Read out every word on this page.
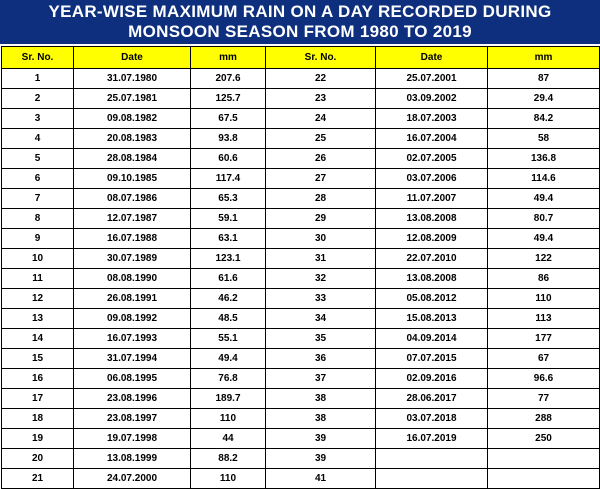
YEAR-WISE MAXIMUM RAIN ON A DAY RECORDED DURING
MONSOON SEASON FROM 1980 TO 2019
Sr. No.	Date	mm	Sr. No.	Date	mm
1	31.07.1980	207.6	22	25.07.2001	87
2	25.07.1981	125.7	23	03.09.2002	29.4
3	09.08.1982	67.5	24	18.07.2003	84.2
4	20.08.1983	93.8	25	16.07.2004	58
5	28.08.1984	60.6	26	02.07.2005	136.8
6	09.10.1985	117.4	27	03.07.2006	114.6
7	08.07.1986	65.3	28	11.07.2007	49.4
8	12.07.1987	59.1	29	13.08.2008	80.7
9	16.07.1988	63.1	30	12.08.2009	49.4
10	30.07.1989	123.1	31	22.07.2010	122
11	08.08.1990	61.6	32	13.08.2008	86
12	26.08.1991	46.2	33	05.08.2012	110
13	09.08.1992	48.5	34	15.08.2013	113
14	16.07.1993	55.1	35	04.09.2014	177
15	31.07.1994	49.4	36	07.07.2015	67
16	06.08.1995	76.8	37	02.09.2016	96.6
17	23.08.1996	189.7	38	28.06.2017	77
18	23.08.1997	110	38	03.07.2018	288
19	19.07.1998	44	39	16.07.2019	250
20	13.08.1999	88.2	39		
21	24.07.2000	110	41		
